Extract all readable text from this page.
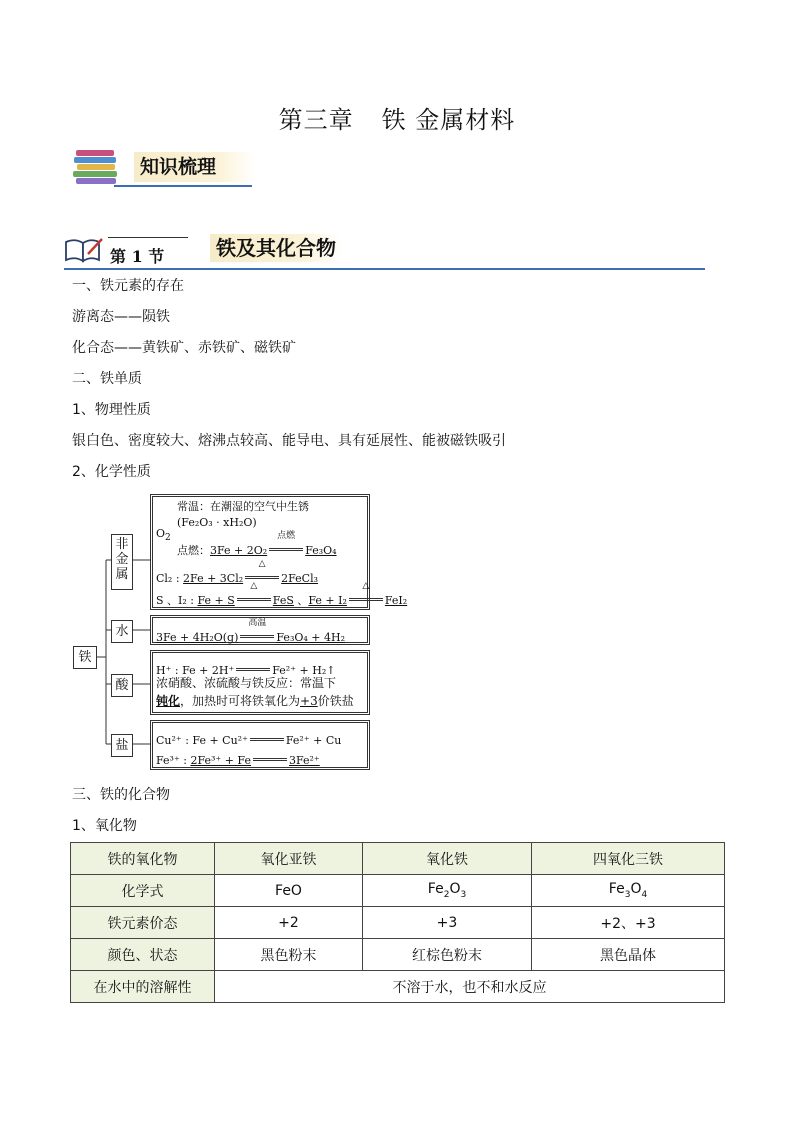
第三章 铁 金属材料
知识梳理
第 1 节	铁及其化合物
一、铁元素的存在
游离态——陨铁
化合态——黄铁矿、赤铁矿、磁铁矿
二、铁单质
1、物理性质
银白色、密度较大、熔沸点较高、能导电、具有延展性、能被磁铁吸引
2、化学性质
铁
非金属
水
酸
盐
$O_2$
常温：在潮湿的空气中生锈
(Fe₂O₃ · xH₂O)
点燃：3Fe + 2O₂
点燃
Fe₃O₄
Cl₂ : 2Fe + 3Cl₂
△
2FeCl₃
S 、I₂ : Fe + S
△
FeS 、Fe + I₂
△
FeI₂
3Fe + 4H₂O(g)
高温
Fe₃O₄ + 4H₂
H⁺ : Fe + 2H⁺	Fe²⁺ + H₂↑
浓硝酸、浓硫酸与铁反应：常温下
钝化，加热时可将铁氧化为+3价铁盐
Cu²⁺ : Fe + Cu²⁺	Fe²⁺ + Cu
Fe³⁺ : 2Fe³⁺ + Fe	3Fe²⁺
三、铁的化合物
1、氧化物
铁的氧化物	氧化亚铁	氧化铁	四氧化三铁
化学式	FeO	$Fe_2O_3$	$Fe_3O_4$
铁元素价态	+2	+3	+2、+3
颜色、状态	黑色粉末	红棕色粉末	黑色晶体
在水中的溶解性	不溶于水，也不和水反应		
